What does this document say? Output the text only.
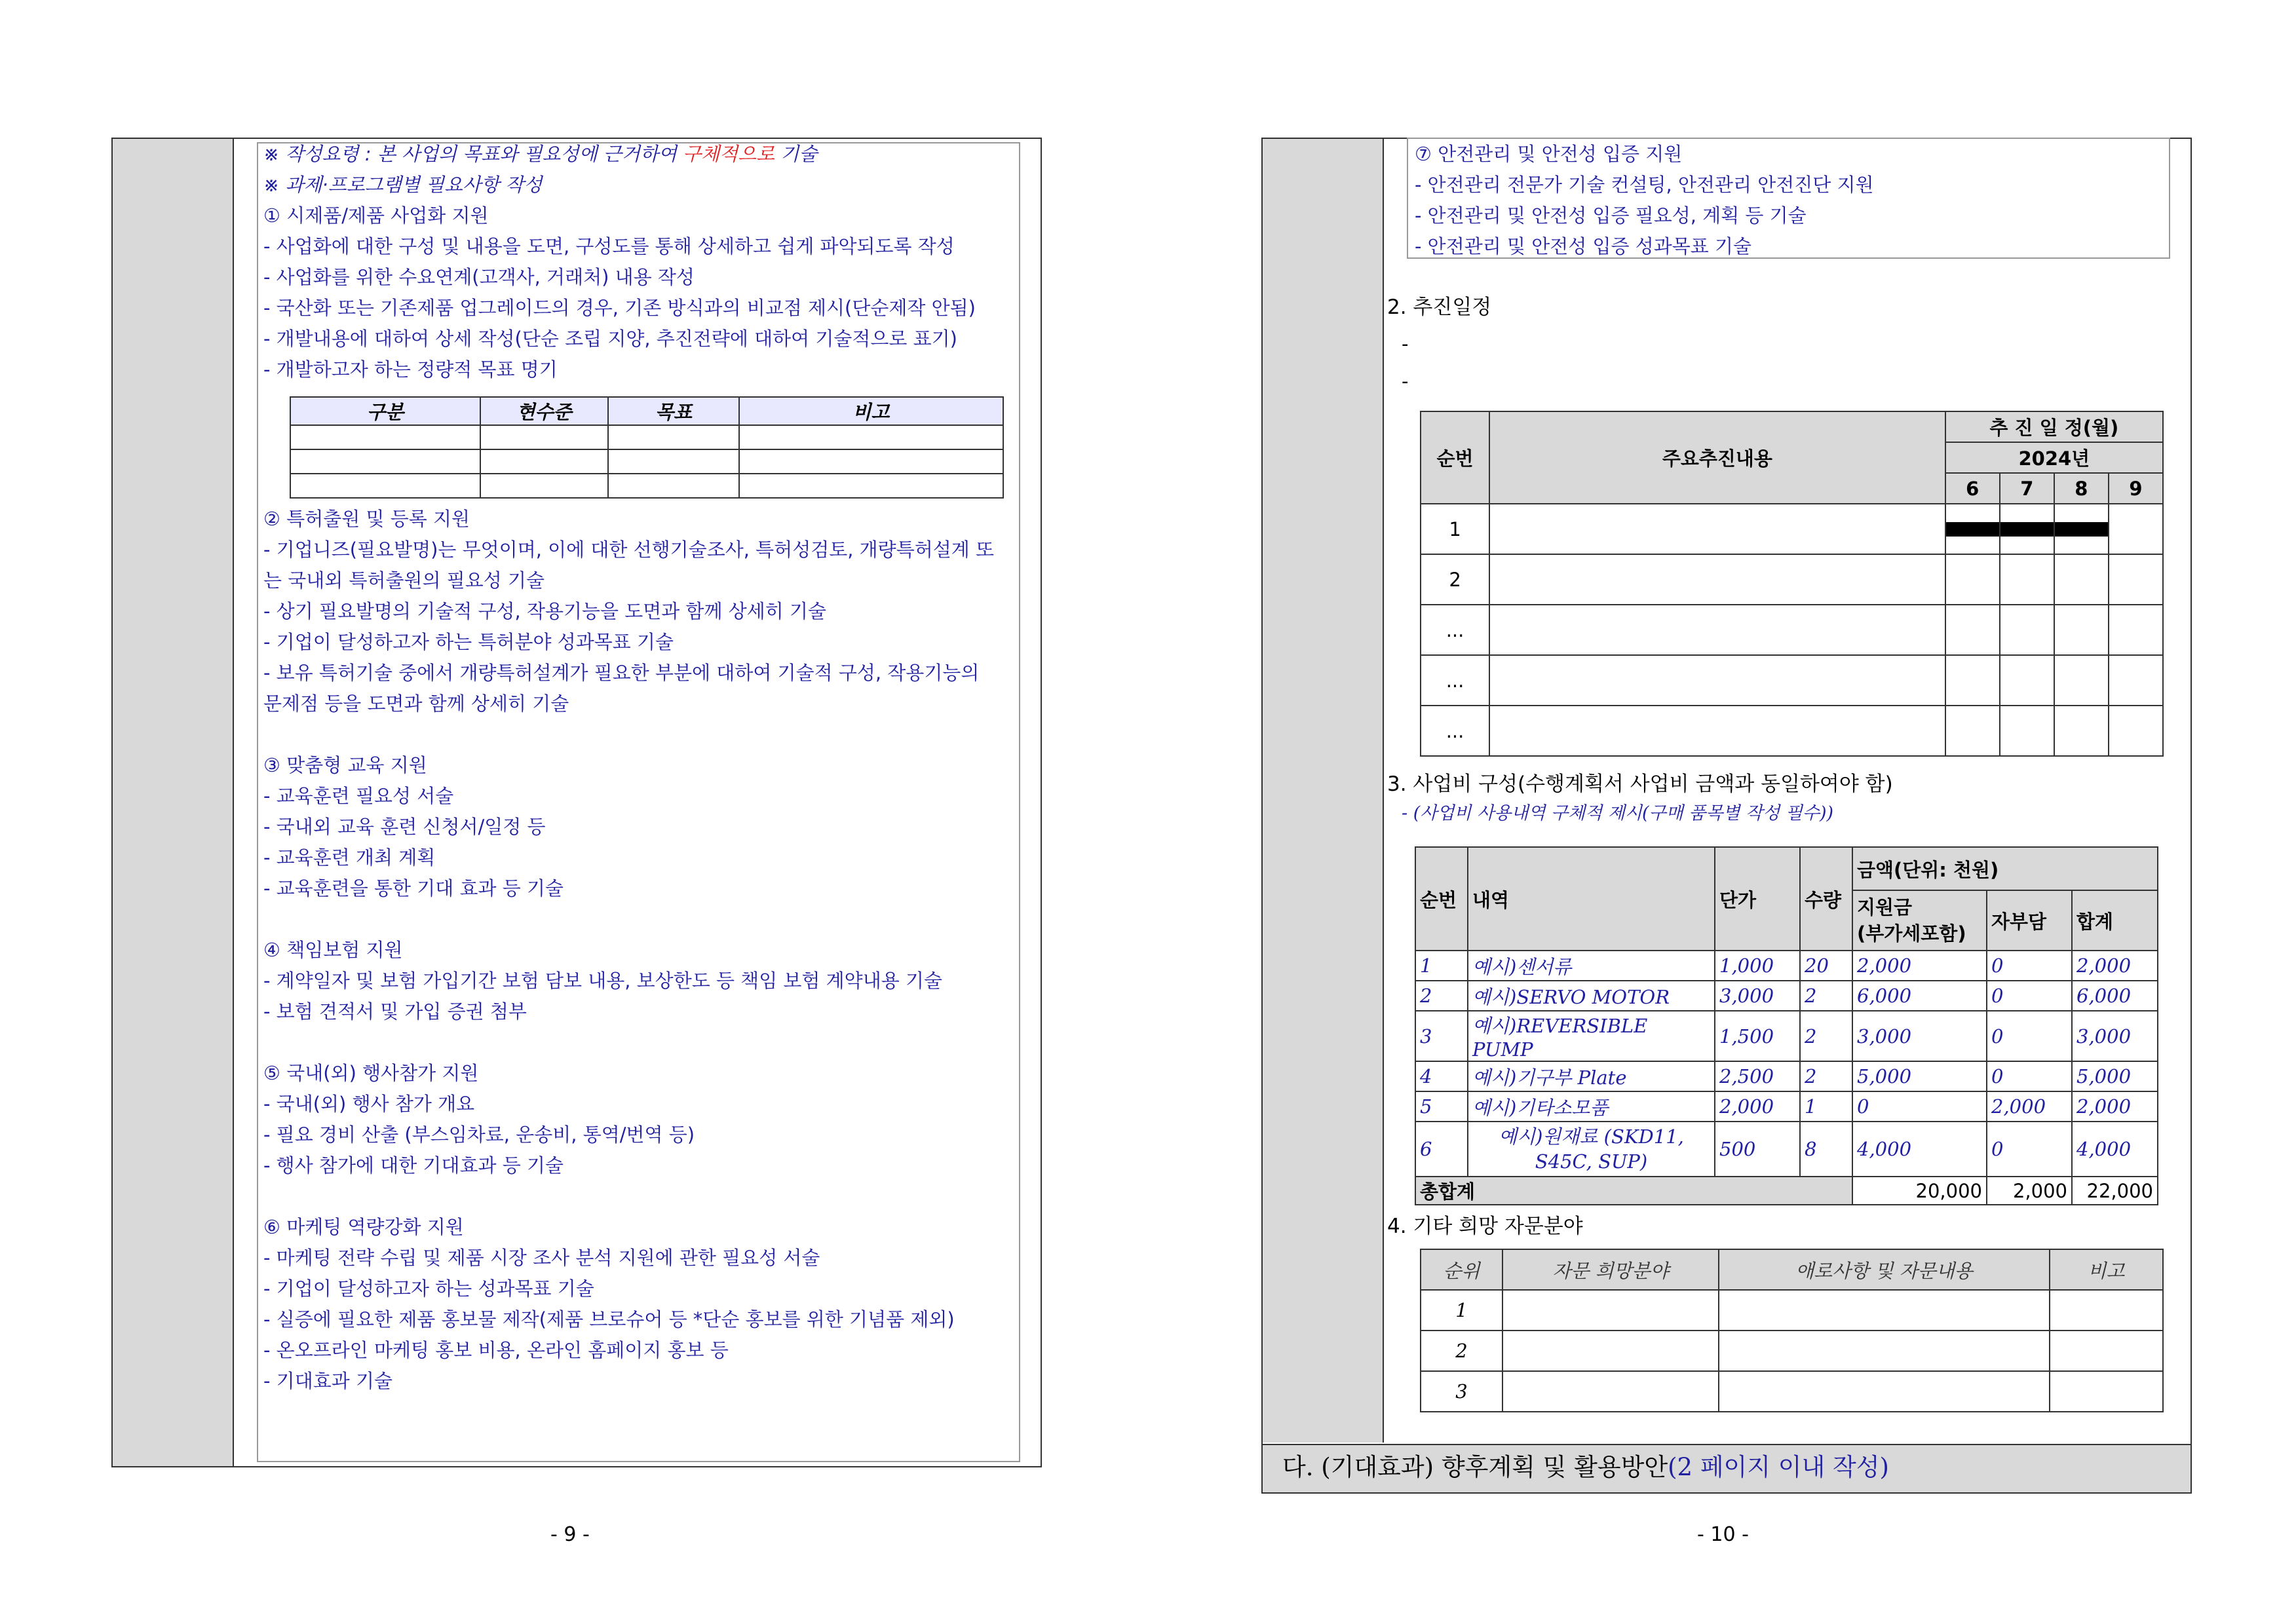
※ 작성요령 : 본 사업의 목표와 필요성에 근거하여 구체적으로 기술
※ 과제·프로그램별 필요사항 작성
① 시제품/제품 사업화 지원
- 사업화에 대한 구성 및 내용을 도면, 구성도를 통해 상세하고 쉽게 파악되도록 작성
- 사업화를 위한 수요연계(고객사, 거래처) 내용 작성
- 국산화 또는 기존제품 업그레이드의 경우, 기존 방식과의 비교점 제시(단순제작 안됨)
- 개발내용에 대하여 상세 작성(단순 조립 지양, 추진전략에 대하여 기술적으로 표기)
- 개발하고자 하는 정량적 목표 명기
구분	현수준	목표	비고

② 특허출원 및 등록 지원
- 기업니즈(필요발명)는 무엇이며, 이에 대한 선행기술조사, 특허성검토, 개량특허설계 또
는 국내외 특허출원의 필요성 기술
- 상기 필요발명의 기술적 구성, 작용기능을 도면과 함께 상세히 기술
- 기업이 달성하고자 하는 특허분야 성과목표 기술
- 보유 특허기술 중에서 개량특허설계가 필요한 부분에 대하여 기술적 구성, 작용기능의
문제점 등을 도면과 함께 상세히 기술
③ 맞춤형 교육 지원
- 교육훈련 필요성 서술
- 국내외 교육 훈련 신청서/일정 등
- 교육훈련 개최 계획
- 교육훈련을 통한 기대 효과 등 기술
④ 책임보험 지원
- 계약일자 및 보험 가입기간 보험 담보 내용, 보상한도 등 책임 보험 계약내용 기술
- 보험 견적서 및 가입 증권 첨부
⑤ 국내(외) 행사참가 지원
- 국내(외) 행사 참가 개요
- 필요 경비 산출 (부스임차료, 운송비, 통역/번역 등)
- 행사 참가에 대한 기대효과 등 기술
⑥ 마케팅 역량강화 지원
- 마케팅 전략 수립 및 제품 시장 조사 분석 지원에 관한 필요성 서술
- 기업이 달성하고자 하는 성과목표 기술
- 실증에 필요한 제품 홍보물 제작(제품 브로슈어 등 *단순 홍보를 위한 기념품 제외)
- 온오프라인 마케팅 홍보 비용, 온라인 홈페이지 홍보 등
- 기대효과 기술
- 9 -
⑦ 안전관리 및 안전성 입증 지원
- 안전관리 전문가 기술 컨설팅, 안전관리 안전진단 지원
- 안전관리 및 안전성 입증 필요성, 계획 등 기술
- 안전관리 및 안전성 입증 성과목표 기술
2. 추진일정
-
-
순번	주요추진내용	추 진 일 정(월)			
		2024년			
		6	7	8	9
1		

2					
...					
...					
...					
3. 사업비 구성(수행계획서 사업비 금액과 동일하여야 함)
- (사업비 사용내역 구체적 제시(구매 품목별 작성 필수))
순번	내역	단가	수량	금액(단위: 천원)		
				지원금
(부가세포함)	자부담	합계
1	예시)센서류	1,000	20	2,000	0	2,000
2	예시)SERVO MOTOR	3,000	2	6,000	0	6,000
3	예시)REVERSIBLE PUMP	1,500	2	3,000	0	3,000
4	예시)기구부 Plate	2,500	2	5,000	0	5,000
5	예시)기타소모품	2,000	1	0	2,000	2,000
6	예시)원재료 (SKD11, S45C, SUP)	500	8	4,000	0	4,000
총합계				20,000	2,000	22,000
4. 기타 희망 자문분야
순위	자문 희망분야	애로사항 및 자문내용	비고
1			
2			
3			
다. (기대효과) 향후계획 및 활용방안(2 페이지 이내 작성)
- 10 -
